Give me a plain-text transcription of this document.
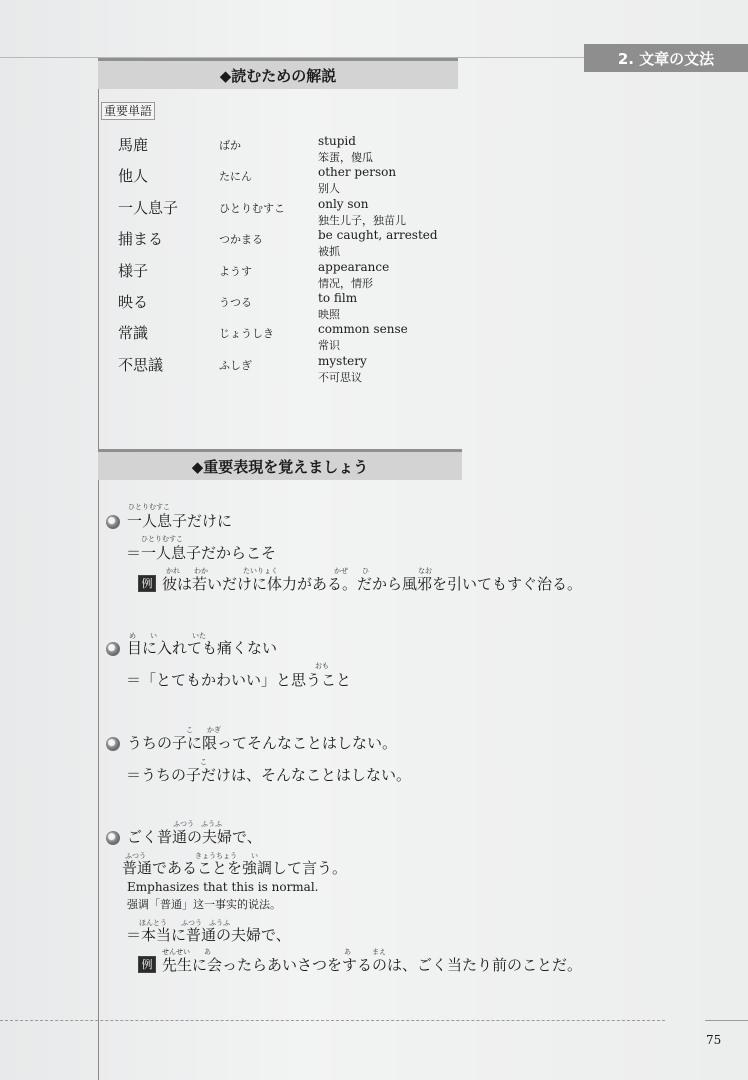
2. 文章の文法
◆読むための解説
重要単語
馬鹿	ばか	stupid
笨蛋，傻瓜
他人	たにん	other person
别人
一人息子	ひとりむすこ	only son
独生儿子，独苗儿
捕まる	つかまる	be caught, arrested
被抓
様子	ようす	appearance
情况，情形
映る	うつる	to film
映照
常識	じょうしき	common sense
常识
不思議	ふしぎ	mystery
不可思议
◆重要表現を覚えましょう
ひとりむすこ
一人息子だけに
ひとりむすこ
＝一人息子だからこそ
かれ　　わか　　　　　たいりょく　　　　　　　　かぜ　　ひ　　　　　　　なお
例 彼は若いだけに体力がある。だから風邪を引いてもすぐ治る。
め　　い　　　　　いた
目に入れても痛くない
おも
＝「とてもかわいい」と思うこと
こ　　かぎ
うちの子に限ってそんなことはしない。
こ
＝うちの子だけは、そんなことはしない。
ふつう　ふうふ
ごく普通の夫婦で、
ふつう　　　　　　　きょうちょう　　い
普通であることを強調して言う。
Emphasizes that this is normal.
强调「普通」这一事实的说法。
ほんとう　　ふつう　ふうふ
＝本当に普通の夫婦で、
せんせい　　あ　　　　　　　　　　　　　　　　　　　あ　　　まえ
例 先生に会ったらあいさつをするのは、ごく当たり前のことだ。
75
